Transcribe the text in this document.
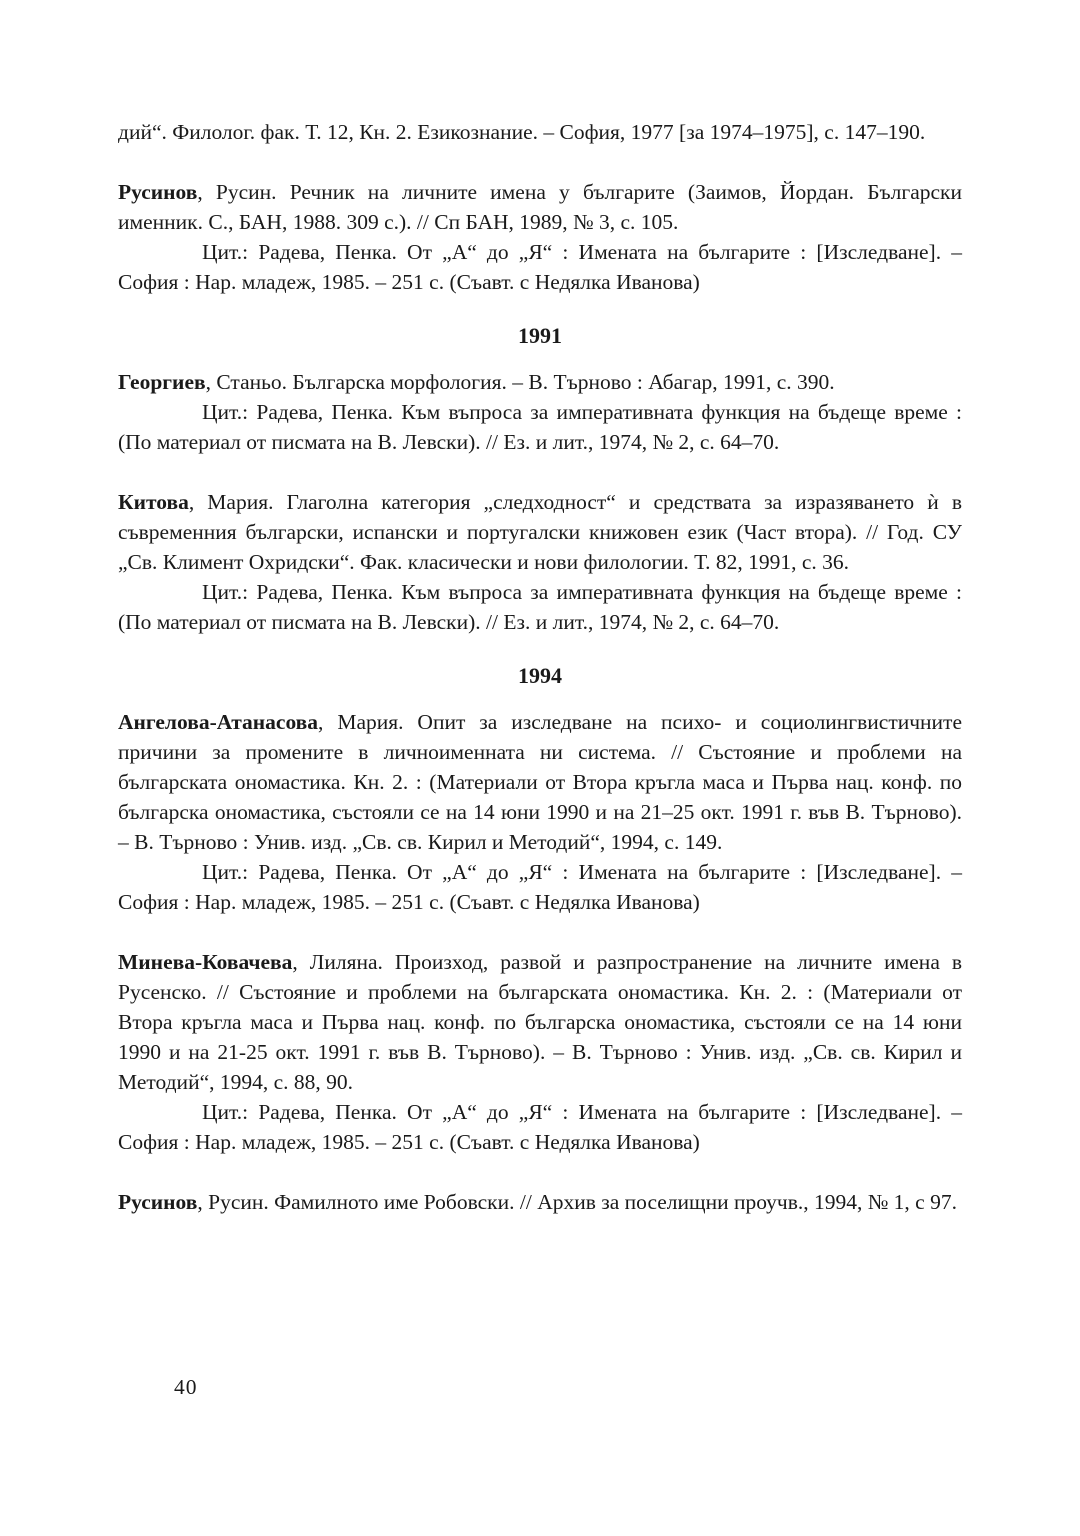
дий“. Филолог. фак. Т. 12, Кн. 2. Езикознание. – София, 1977 [за 1974–1975], с. 147–190.

Русинов, Русин. Речник на личните имена у българите (Заимов, Йордан. Български именник. С., БАН, 1988. 309 с.). // Сп БАН, 1989, № 3, с. 105.

Цит.: Радева, Пенка. От „А“ до „Я“ : Имената на българите : [Изследване]. – София : Нар. младеж, 1985. – 251 с. (Съавт. с Недялка Иванова)

1991

Георгиев, Станьо. Българска морфология. – В. Търново : Абагар, 1991, с. 390.

Цит.: Радева, Пенка. Към въпроса за императивната функция на бъдеще време : (По материал от писмата на В. Левски). // Ез. и лит., 1974, № 2, с. 64–70.

Китова, Мария. Глаголна категория „следходност“ и средствата за изразяването ѝ в съвременния български, испански и португалски книжовен език (Част втора). // Год. СУ „Св. Климент Охридски“. Фак. класически и нови филологии. Т. 82, 1991, с. 36.

Цит.: Радева, Пенка. Към въпроса за императивната функция на бъдеще време : (По материал от писмата на В. Левски). // Ез. и лит., 1974, № 2, с. 64–70.

1994

Ангелова-Атанасова, Мария. Опит за изследване на психо- и социолингвистичните причини за промените в личноименната ни система. // Състояние и проблеми на българската ономастика. Кн. 2. : (Материали от Втора кръгла маса и Първа нац. конф. по българска ономастика, състояли се на 14 юни 1990 и на 21–25 окт. 1991 г. във В. Търново). – В. Търново : Унив. изд. „Св. св. Кирил и Методий“, 1994, с. 149.

Цит.: Радева, Пенка. От „А“ до „Я“ : Имената на българите : [Изследване]. – София : Нар. младеж, 1985. – 251 с. (Съавт. с Недялка Иванова)

Минева-Ковачева, Лиляна. Произход, развой и разпространение на личните имена в Русенско. // Състояние и проблеми на българската ономастика. Кн. 2. : (Материали от Втора кръгла маса и Първа нац. конф. по българска ономастика, състояли се на 14 юни 1990 и на 21-25 окт. 1991 г. във В. Търново). – В. Търново : Унив. изд. „Св. св. Кирил и Методий“, 1994, с. 88, 90.

Цит.: Радева, Пенка. От „А“ до „Я“ : Имената на българите : [Изследване]. – София : Нар. младеж, 1985. – 251 с. (Съавт. с Недялка Иванова)

Русинов, Русин. Фамилното име Робовски. // Архив за поселищни проучв., 1994, № 1, с 97.

40
